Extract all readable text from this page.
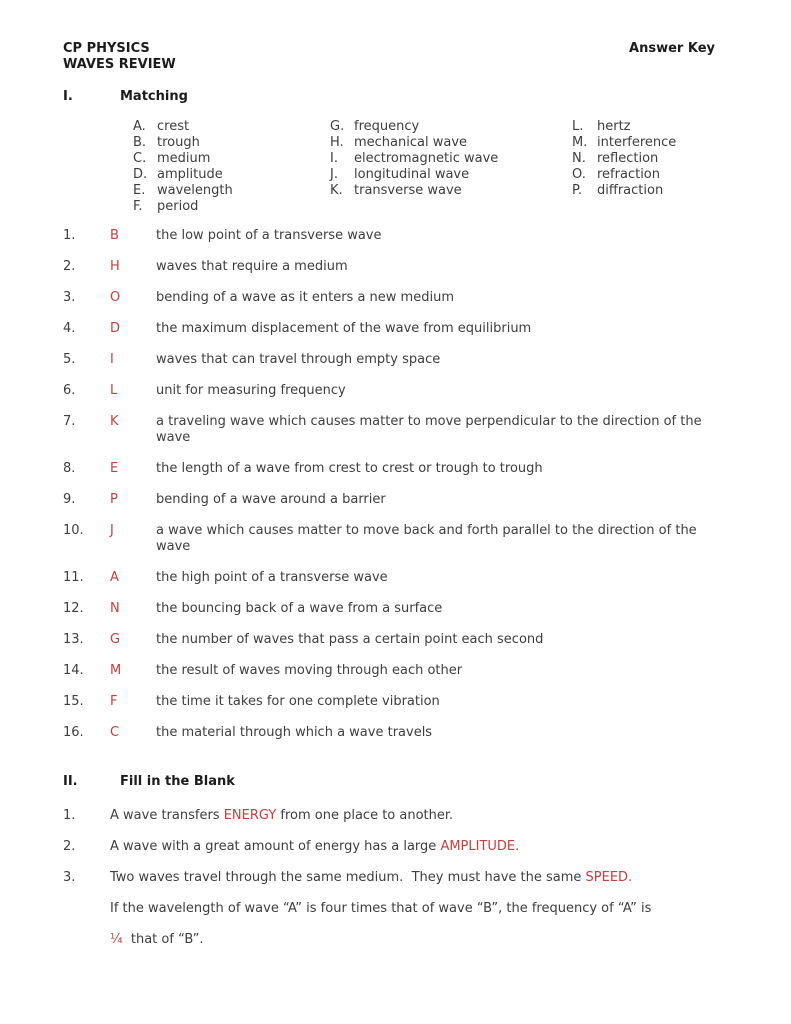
CP PHYSICS
WAVES REVIEW
Answer Key
I.	Matching
A. crest
B. trough
C. medium
D. amplitude
E. wavelength
F.	period
G. frequency
H. mechanical wave
I.	electromagnetic wave
J.	longitudinal wave
K. transverse wave
L.	hertz
M. interference
N. reflection
O. refraction
P.	diffraction
1.	B	the low point of a transverse wave
2.	H	waves that require a medium
3.	O	bending of a wave as it enters a new medium
4.	D	the maximum displacement of the wave from equilibrium
5.	I	waves that can travel through empty space
6.	L	unit for measuring frequency
7.	K	a traveling wave which causes matter to move perpendicular to the direction of the wave
8.	E	the length of a wave from crest to crest or trough to trough
9.	P	bending of a wave around a barrier
10.	J	a wave which causes matter to move back and forth parallel to the direction of the wave
11.	A	the high point of a transverse wave
12.	N	the bouncing back of a wave from a surface
13.	G	the number of waves that pass a certain point each second
14.	M	the result of waves moving through each other
15.	F	the time it takes for one complete vibration
16.	C	the material through which a wave travels
II.	Fill in the Blank
1.	A wave transfers ENERGY from one place to another.
2.	A wave with a great amount of energy has a large AMPLITUDE.
3.	Two waves travel through the same medium.  They must have the same SPEED.
If the wavelength of wave “A” is four times that of wave “B”, the frequency of “A” is
¼  that of “B”.
